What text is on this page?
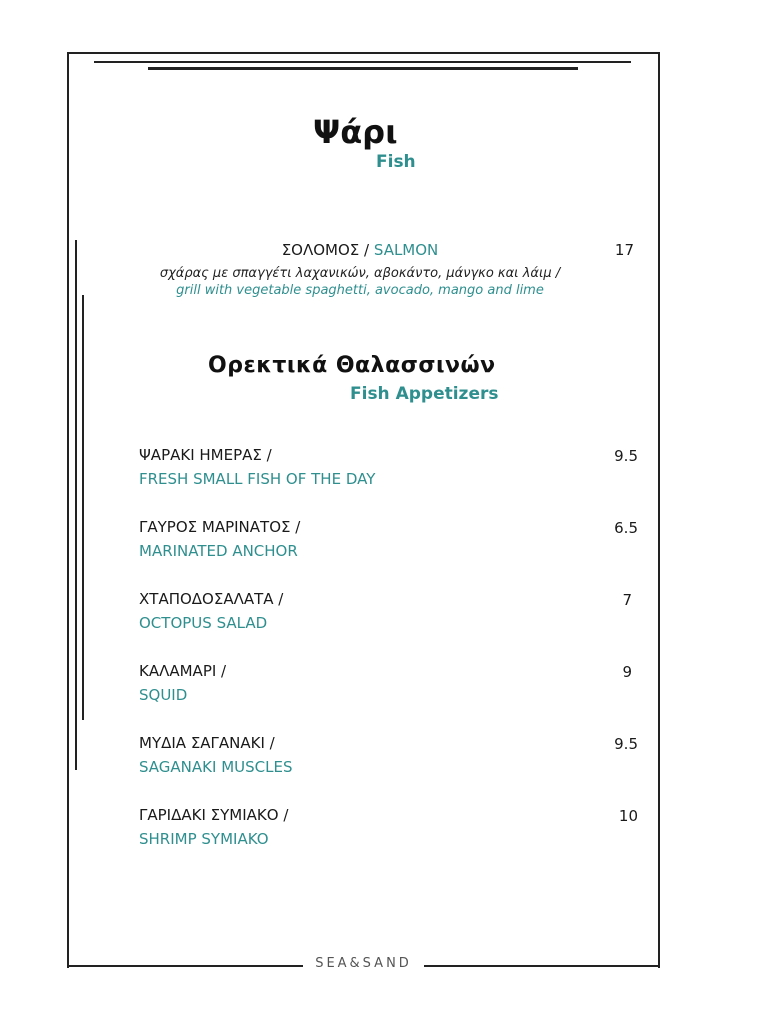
SEA&SAND
Ψάρι
Fish
ΣΟΛΟΜΟΣ / SALMON
σχάρας με σπαγγέτι λαχανικών, αβοκάντο, μάνγκο και λάιμ /
grill with vegetable spaghetti, avocado, mango and lime
17
Ορεκτικά Θαλασσινών
Fish Appetizers
ΨΑΡΑΚΙ ΗΜΕΡΑΣ /
FRESH SMALL FISH OF THE DAY
9.5
ΓΑΥΡΟΣ ΜΑΡΙΝΑΤΟΣ /
MARINATED ANCHOR
6.5
ΧΤΑΠΟΔΟΣΑΛΑΤΑ /
OCTOPUS SALAD
7
ΚΑΛΑΜΑΡΙ /
SQUID
9
ΜΥΔΙΑ ΣΑΓΑΝΑΚΙ /
SAGANAKI MUSCLES
9.5
ΓΑΡΙΔΑΚΙ ΣΥΜΙΑΚΟ /
SHRIMP SYMIAKO
10
